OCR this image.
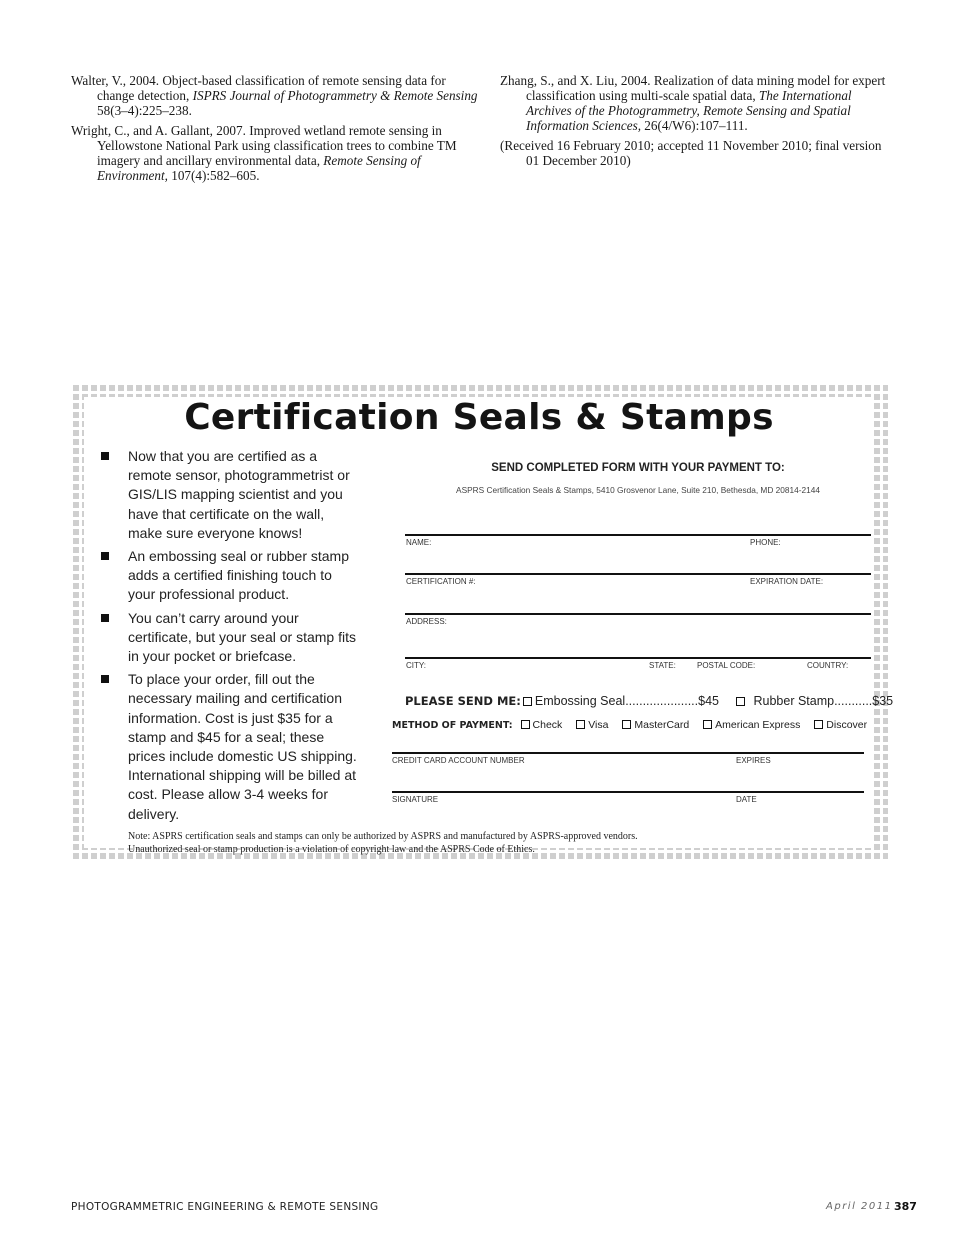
Walter, V., 2004. Object-based classification of remote sensing data for change detection, ISPRS Journal of Photogrammetry & Remote Sensing 58(3–4):225–238.

Wright, C., and A. Gallant, 2007. Improved wetland remote sensing in Yellowstone National Park using classification trees to combine TM imagery and ancillary environmental data, Remote Sensing of Environment, 107(4):582–605.

Zhang, S., and X. Liu, 2004. Realization of data mining model for expert classification using multi-scale spatial data, The International Archives of the Photogrammetry, Remote Sensing and Spatial Information Sciences, 26(4/W6):107–111.

(Received 16 February 2010; accepted 11 November 2010; final version 01 December 2010)

Certification Seals & Stamps
Now that you are certified as a remote sensor, photogrammetrist or GIS/LIS mapping scientist and you have that certificate on the wall, make sure everyone knows!
An embossing seal or rubber stamp adds a certified finishing touch to your professional product.
You can’t carry around your certificate, but your seal or stamp fits in your pocket or briefcase.
To place your order, fill out the necessary mailing and certification information. Cost is just $35 for a stamp and $45 for a seal; these prices include domestic US shipping. International shipping will be billed at cost. Please allow 3-4 weeks for delivery.
SEND COMPLETED FORM WITH YOUR PAYMENT TO:
ASPRS Certification Seals & Stamps, 5410 Grosvenor Lane, Suite 210, Bethesda, MD 20814-2144
NAME:	PHONE:
CERTIFICATION #:	EXPIRATION DATE:
ADDRESS:
CITY:	STATE:	POSTAL CODE:	COUNTRY:
PLEASE SEND ME: Embossing Seal.....................$45	Rubber Stamp...........$35
METHOD OF PAYMENT: Check Visa MasterCard American Express Discover
CREDIT CARD ACCOUNT NUMBER	EXPIRES
SIGNATURE	DATE
Note: ASPRS certification seals and stamps can only be authorized by ASPRS and manufactured by ASPRS-approved vendors.
Unauthorized seal or stamp production is a violation of copyright law and the ASPRS Code of Ethics.
PHOTOGRAMMETRIC ENGINEERING & REMOTE SENSING	April 2011 387
